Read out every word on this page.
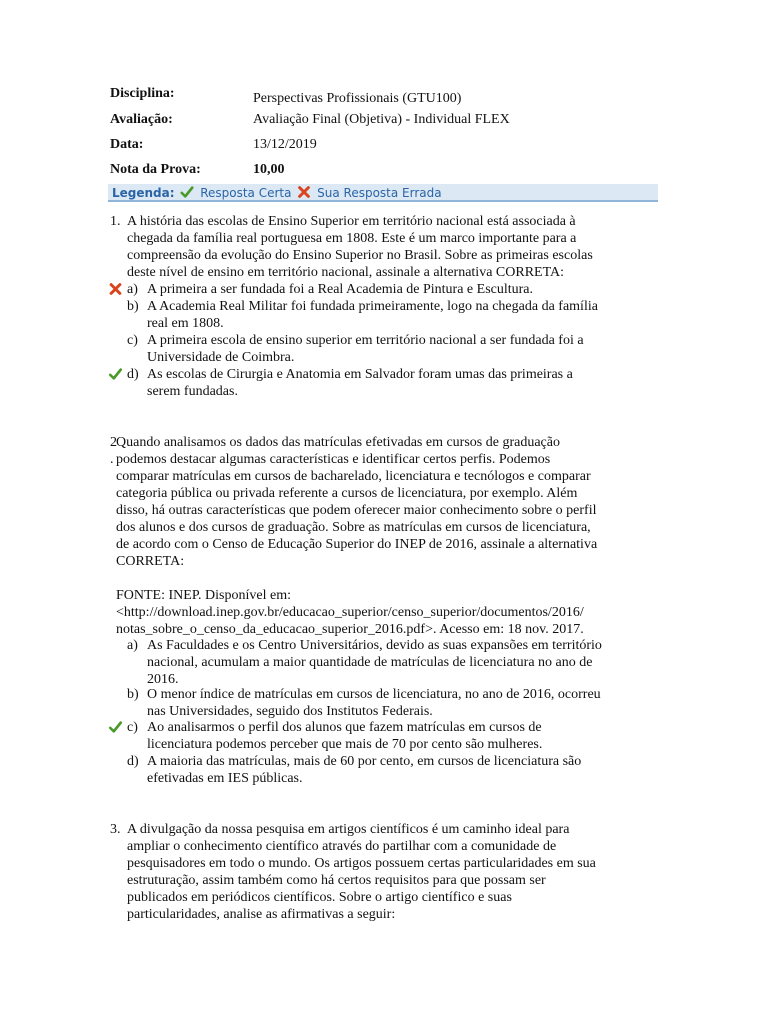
Disciplina:	Perspectivas Profissionais (GTU100)
Avaliação:	Avaliação Final (Objetiva) - Individual FLEX
Data:	13/12/2019
Nota da Prova:	10,00
Legenda: Resposta Certa Sua Resposta Errada
1. A história das escolas de Ensino Superior em território nacional está associada à
chegada da família real portuguesa em 1808. Este é um marco importante para a
compreensão da evolução do Ensino Superior no Brasil. Sobre as primeiras escolas
deste nível de ensino em território nacional, assinale a alternativa CORRETA:
a) A primeira a ser fundada foi a Real Academia de Pintura e Escultura.
b) A Academia Real Militar foi fundada primeiramente, logo na chegada da família
real em 1808.
c) A primeira escola de ensino superior em território nacional a ser fundada foi a
Universidade de Coimbra.
d) As escolas de Cirurgia e Anatomia em Salvador foram umas das primeiras a
serem fundadas.
2
.
Quando analisamos os dados das matrículas efetivadas em cursos de graduação
podemos destacar algumas características e identificar certos perfis. Podemos
comparar matrículas em cursos de bacharelado, licenciatura e tecnólogos e comparar
categoria pública ou privada referente a cursos de licenciatura, por exemplo. Além
disso, há outras características que podem oferecer maior conhecimento sobre o perfil
dos alunos e dos cursos de graduação. Sobre as matrículas em cursos de licenciatura,
de acordo com o Censo de Educação Superior do INEP de 2016, assinale a alternativa
CORRETA:
FONTE: INEP. Disponível em:
<http://download.inep.gov.br/educacao_superior/censo_superior/documentos/2016/
notas_sobre_o_censo_da_educacao_superior_2016.pdf>. Acesso em: 18 nov. 2017.
a) As Faculdades e os Centro Universitários, devido as suas expansões em território
nacional, acumulam a maior quantidade de matrículas de licenciatura no ano de
2016.
b) O menor índice de matrículas em cursos de licenciatura, no ano de 2016, ocorreu
nas Universidades, seguido dos Institutos Federais.
c) Ao analisarmos o perfil dos alunos que fazem matrículas em cursos de
licenciatura podemos perceber que mais de 70 por cento são mulheres.
d) A maioria das matrículas, mais de 60 por cento, em cursos de licenciatura são
efetivadas em IES públicas.
3. A divulgação da nossa pesquisa em artigos científicos é um caminho ideal para
ampliar o conhecimento científico através do partilhar com a comunidade de
pesquisadores em todo o mundo. Os artigos possuem certas particularidades em sua
estruturação, assim também como há certos requisitos para que possam ser
publicados em periódicos científicos. Sobre o artigo científico e suas
particularidades, analise as afirmativas a seguir:
